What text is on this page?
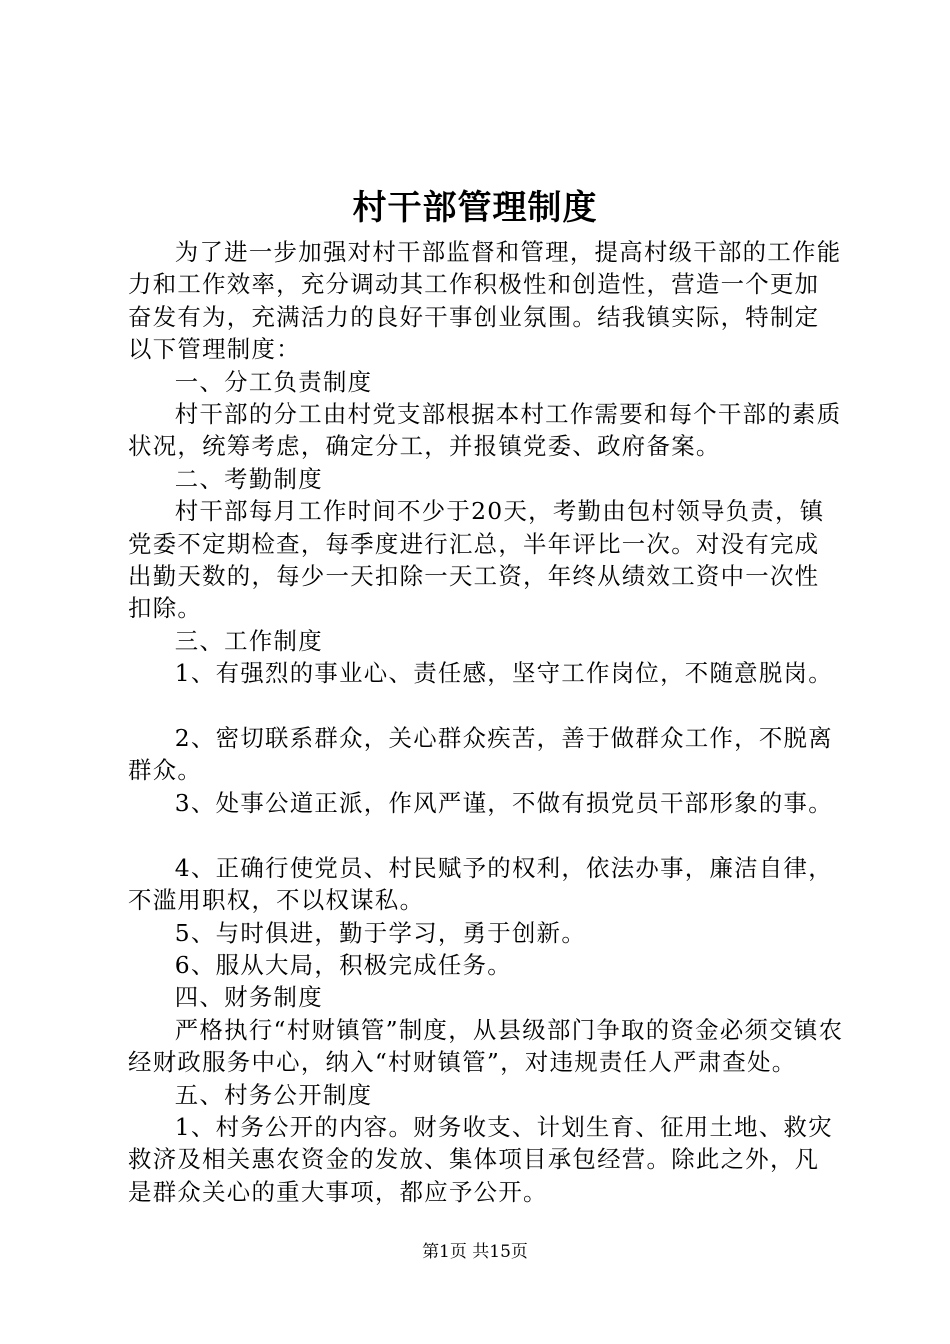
村干部管理制度

为了进一步加强对村干部监督和管理，提高村级干部的工作能力和工作效率，充分调动其工作积极性和创造性，营造一个更加奋发有为，充满活力的良好干事创业氛围。结我镇实际，特制定以下管理制度：

一、分工负责制度

村干部的分工由村党支部根据本村工作需要和每个干部的素质状况，统筹考虑，确定分工，并报镇党委、政府备案。

二、考勤制度

村干部每月工作时间不少于20天，考勤由包村领导负责，镇党委不定期检查，每季度进行汇总，半年评比一次。对没有完成出勤天数的，每少一天扣除一天工资，年终从绩效工资中一次性扣除。

三、工作制度

1、有强烈的事业心、责任感，坚守工作岗位，不随意脱岗。

2、密切联系群众，关心群众疾苦，善于做群众工作，不脱离群众。

3、处事公道正派，作风严谨，不做有损党员干部形象的事。

4、正确行使党员、村民赋予的权利，依法办事，廉洁自律，不滥用职权，不以权谋私。

5、与时俱进，勤于学习，勇于创新。

6、服从大局，积极完成任务。

四、财务制度

严格执行“村财镇管”制度，从县级部门争取的资金必须交镇农经财政服务中心，纳入“村财镇管”，对违规责任人严肃查处。

五、村务公开制度

1、村务公开的内容。财务收支、计划生育、征用土地、救灾救济及相关惠农资金的发放、集体项目承包经营。除此之外，凡是群众关心的重大事项，都应予公开。

第1页 共15页
